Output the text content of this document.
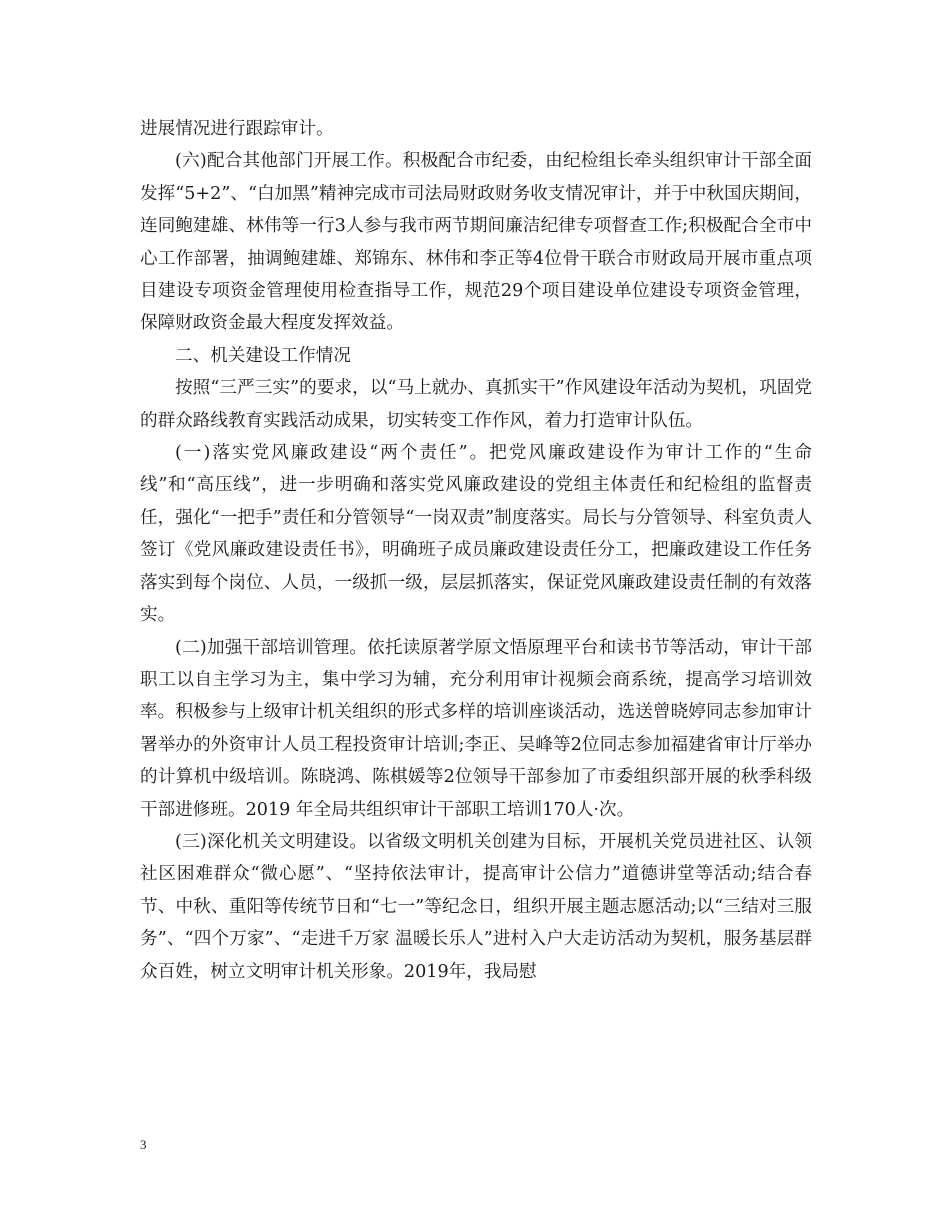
进展情况进行跟踪审计。

(六)配合其他部门开展工作。积极配合市纪委，由纪检组长牵头组织审计干部全面发挥“5+2”、“白加黑”精神完成市司法局财政财务收支情况审计，并于中秋国庆期间，连同鲍建雄、林伟等一行3人参与我市两节期间廉洁纪律专项督查工作;积极配合全市中心工作部署，抽调鲍建雄、郑锦东、林伟和李正等4位骨干联合市财政局开展市重点项目建设专项资金管理使用检查指导工作，规范29个项目建设单位建设专项资金管理，保障财政资金最大程度发挥效益。

二、机关建设工作情况

按照“三严三实”的要求，以“马上就办、真抓实干”作风建设年活动为契机，巩固党的群众路线教育实践活动成果，切实转变工作作风，着力打造审计队伍。

(一)落实党风廉政建设“两个责任”。把党风廉政建设作为审计工作的“生命线”和“高压线”，进一步明确和落实党风廉政建设的党组主体责任和纪检组的监督责任，强化“一把手”责任和分管领导“一岗双责”制度落实。局长与分管领导、科室负责人签订《党风廉政建设责任书》，明确班子成员廉政建设责任分工，把廉政建设工作任务落实到每个岗位、人员，一级抓一级，层层抓落实，保证党风廉政建设责任制的有效落实。

(二)加强干部培训管理。依托读原著学原文悟原理平台和读书节等活动，审计干部职工以自主学习为主，集中学习为辅，充分利用审计视频会商系统，提高学习培训效率。积极参与上级审计机关组织的形式多样的培训座谈活动，选送曾晓婷同志参加审计署举办的外资审计人员工程投资审计培训;李正、吴峰等2位同志参加福建省审计厅举办的计算机中级培训。陈晓鸿、陈棋媛等2位领导干部参加了市委组织部开展的秋季科级干部进修班。2019 年全局共组织审计干部职工培训170人·次。

(三)深化机关文明建设。以省级文明机关创建为目标，开展机关党员进社区、认领社区困难群众“微心愿”、“坚持依法审计，提高审计公信力”道德讲堂等活动;结合春节、中秋、重阳等传统节日和“七一”等纪念日，组织开展主题志愿活动;以“三结对三服务”、“四个万家”、“走进千万家 温暖长乐人”进村入户大走访活动为契机，服务基层群众百姓，树立文明审计机关形象。2019年，我局慰

3
